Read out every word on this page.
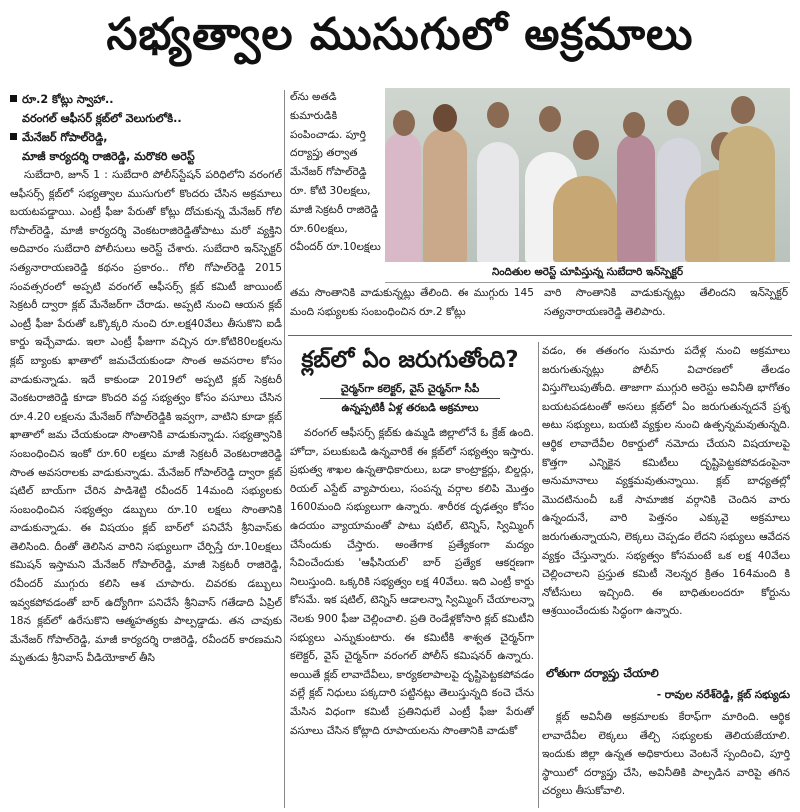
సభ్యత్వాల ముసుగులో అక్రమాలు
రూ.2 కోట్లు స్వాహా..
వరంగల్ ఆఫీసర్ క్లబ్‌లో వెలుగులోకి..
మేనేజర్ గోపాల్‌రెడ్డి,
మాజీ కార్యదర్శి రాజిరెడ్డి, మరొకరి అరెస్ట్

సుబేదారి, జూన్ 1 : సుబేదారి పోలీస్‌స్టేషన్ పరిధిలోని వరంగల్ ఆఫీసర్స్ క్లబ్‌లో సభ్యత్వాల ముసుగులో కొందరు చేసిన అక్రమాలు బయటపడ్డాయి. ఎంట్రీ ఫీజు పేరుతో కోట్లు దోచుకున్న మేనేజర్ గోలి గోపాల్‌రెడ్డి, మాజీ కార్యదర్శి వెంకటరాజిరెడ్డితోపాటు మరో వ్యక్తిని అదివారం సుబేదారి పోలీసులు అరెస్ట్ చేశారు. సుబేదారి ఇన్‌స్పెక్టర్ సత్యనారాయణరెడ్డి కథనం ప్రకారం.. గోలి గోపాల్‌రెడ్డి 2015 సంవత్సరంలో అప్పటి వరంగల్ ఆఫీసర్స్ క్లబ్ కమిటీ జాయింట్ సెక్రటరీ ద్వారా క్లబ్ మేనేజర్‌గా చేరాడు. అప్పటి నుంచి ఆయన క్లబ్ ఎంట్రీ ఫీజు పేరుతో ఒక్కొక్కరి నుంచి రూ.లక్ష40వేలు తీసుకొని ఐడీ కార్డు ఇచ్చేవాడు. ఇలా ఎంట్రీ ఫీజుగా వచ్చిన రూ.కోటి80లక్షలను క్లబ్ బ్యాంకు ఖాతాలో జమచేయకుండా సొంత అవసరాల కోసం వాడుకున్నాడు. ఇదే కాకుండా 2019లో అప్పటి క్లబ్ సెక్రటరీ వెంకటరాజిరెడ్డి కూడా కొందరి వద్ద సభ్యత్వం కోసం వసూలు చేసిన రూ.4.20 లక్షలను మేనేజర్ గోపాల్‌రెడ్డికి ఇవ్వగా, వాటిని కూడా క్లబ్ ఖాతాలో జమ చేయకుండా సొంతానికి వాడుకున్నాడు. సభ్యత్వానికి సంబంధించిన ఇంకో రూ.60 లక్షలు మాజీ సెక్రటరీ వెంకటరాజిరెడ్డి సొంత అవసరాలకు వాడుకున్నాడు. మేనేజర్ గోపాల్‌రెడ్డి ద్వారా క్లబ్ షటిల్ బాయ్‌గా చేరిన పాడిశెట్టి రవీందర్ 14మంది సభ్యులకు సంబంధించిన సభ్యత్వం డబ్బులు రూ.10 లక్షలు సొంతానికి వాడుకున్నాడు. ఈ విషయం క్లబ్ బార్‌లో పనిచేసే శ్రీనివాస్‌కు తెలిసింది. దీంతో తెలిసిన వారిని సభ్యులుగా చేర్పిస్తే రూ.10లక్షలు కమిషన్ ఇస్తామని మేనేజర్ గోపాల్‌రెడ్డి, మాజీ సెక్రటరీ రాజిరెడ్డి, రవీందర్ ముగ్గురు కలిసి ఆశ చూపారు. చివరకు డబ్బులు ఇవ్వకపోవడంతో బార్ ఉద్యోగిగా పనిచేసే శ్రీనివాస్ గతేడాది ఏప్రిల్ 18న క్లబ్‌లో ఉరేసుకొని ఆత్మహత్యకు పాల్పడ్డాడు. తన చావుకు మేనేజర్ గోపాల్‌రెడ్డి, మాజీ కార్యదర్శి రాజిరెడ్డి, రవీందర్ కారణమని మృతుడు శ్రీనివాస్ వీడియోకాల్ తీసి

ల్‌ను అతడి కుమారుడికి పంపించాడు. పూర్తి దర్యాప్తు తర్వాత మేనేజర్ గోపాల్‌రెడ్డి రూ. కోటి 30లక్షలు, మాజీ సెక్రటరీ రాజిరెడ్డి రూ.60లక్షలు, రవీందర్ రూ.10లక్షలు
నిందితుల అరెస్ట్ చూపిస్తున్న సుబేదారి ఇన్‌స్పెక్టర్
తమ సొంతానికి వాడుకున్నట్లు తేలింది. ఈ ముగ్గురు 145 మంది సభ్యులకు సంబంధించిన రూ.2 కోట్లు
వారి సొంతానికి వాడుకున్నట్లు తేలిందని ఇన్‌స్పెక్టర్ సత్యనారాయణరెడ్డి తెలిపారు.
క్లబ్‌లో ఏం జరుగుతోంది?
చైర్మన్‌గా కలెక్టర్, వైస్ చైర్మన్‌గా సీపీ
ఉన్నప్పటికీ ఏళ్ల తరబడి అక్రమాలు

వరంగల్ ఆఫీసర్స్ క్లబ్‌కు ఉమ్మడి జిల్లాలోనే ఓ క్రేజ్ ఉంది. హోదా, పలుకుబడి ఉన్నవారికే ఈ క్లబ్‌లో సభ్యత్వం ఇస్తారు. ప్రభుత్వ శాఖల ఉన్నతాధికారులు, బడా కాంట్రాక్టర్లు, బిల్డర్లు, రియల్ ఎస్టేట్ వ్యాపారులు, సంపన్న వర్గాల కలిపి మొత్తం 1600మంది సభ్యులుగా ఉన్నారు. శారీరక దృఢత్వం కోసం ఉదయం వ్యాయామంతో పాటు షటిల్, టెన్నిస్, స్విమ్మింగ్ చేసేందుకు చేస్తారు. అంతేగాక ప్రత్యేకంగా మద్యం సేవించేందుకు 'ఆఫీసియల్' బార్ ప్రత్యేక ఆకర్షణగా నిలుస్తుంది. ఒక్కరికి సభ్యత్వం లక్ష 40వేలు. ఇది ఎంట్రీ కార్డు కోసమే. ఇక షటిల్, టెన్నిస్ ఆడాలన్నా స్విమ్మింగ్ చేయాలన్నా నెలకు 900 ఫీజు చెల్లించాలి. ప్రతి రెండేళ్లకోసారి క్లబ్ కమిటీని సభ్యులు ఎన్నుకుంటారు. ఈ కమిటీకి శాశ్వత చైర్మన్‌గా కలెక్టర్, వైస్ చైర్మన్‌గా వరంగల్ పోలీస్ కమిషనర్ ఉన్నారు. అయితే క్లబ్ లావాదేవీలు, కార్యకలాపాలపై దృష్టిపెట్టకపోవడం వల్లే క్లబ్ నిధులు పక్కదారి పట్టినట్లు తెలుస్తున్నది కంచె చేను మేసిన విధంగా కమిటీ ప్రతినిధులే ఎంట్రీ ఫీజు పేరుతో వసూలు చేసిన కోట్లాది రూపాయలను సొంతానికి వాడుకో

వడం, ఈ తతంగం సుమారు పదేళ్ల నుంచి అక్రమాలు జరుగుతున్నట్లు పోలీస్ విచారణలో తేలడం విస్తుగొలుపుతోంది. తాజాగా ముగ్గురి అరెస్టు అవినీతి భాగోతం బయటపడటంతో అసలు క్లబ్‌లో ఏం జరుగుతున్నదనే ప్రశ్న అటు సభ్యులు, బయటి వ్యక్తుల నుంచి ఉత్పన్నమవుతున్నది. ఆర్థిక లావాదేవీల రికార్డులో నమోదు చేయని విషయాలపై కొత్తగా ఎన్నికైన కమిటీలు దృష్టిపెట్టకపోవడంపైనా అనుమానాలు వ్యక్తమవుతున్నాయి. క్లబ్ బాధ్యతల్లో మొదటినుంచీ ఒకే సామాజిక వర్గానికి చెందిన వారు ఉన్నందునే, వారి పెత్తనం ఎక్కువై అక్రమాలు జరుగుతున్నాయని, లెక్కలు చెప్పడం లేదని సభ్యులు ఆవేదన వ్యక్తం చేస్తున్నారు. సభ్యత్వం కోసమంటే ఒక లక్ష 40వేలు చెల్లించాలని ప్రస్తుత కమిటీ నెలన్నర క్రితం 164మంది కి నోటీసులు ఇచ్చింది. ఈ బాధితులందరూ కోర్టును ఆశ్రయించేందుకు సిద్ధంగా ఉన్నారు.

లోతుగా దర్యాప్తు చేయాలి
- రావుల నరేశ్‌రెడ్డి, క్లబ్ సభ్యుడు

క్లబ్ అవినీతి అక్రమాలకు కేరాఫ్‌గా మారింది. ఆర్థిక లావాదేవీల లెక్కలు తేల్చి సభ్యులకు తెలియజేయాలి. ఇందుకు జిల్లా ఉన్నత అధికారులు వెంటనే స్పందించి, పూర్తి స్థాయిలో దర్యాప్తు చేసి, అవినీతికి పాల్పడిన వారిపై తగిన చర్యలు తీసుకోవాలి.
